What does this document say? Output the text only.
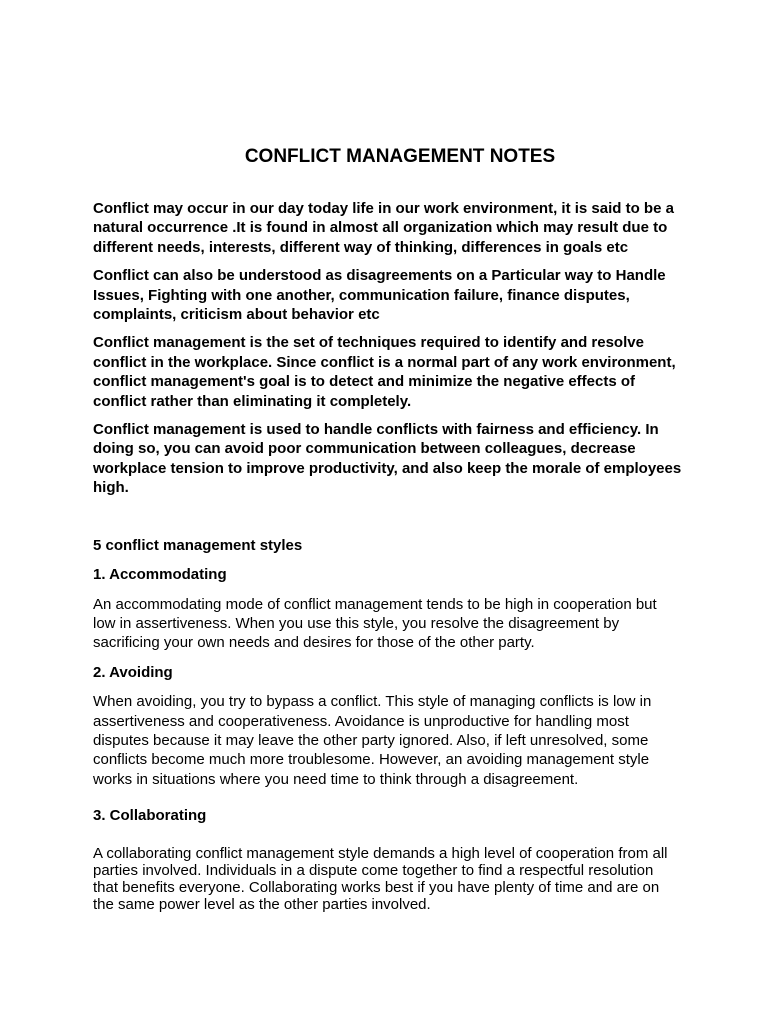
CONFLICT MANAGEMENT NOTES

Conflict may occur in our day today life in our work environment, it is said to be a natural occurrence .It is found in almost all organization which may result due to different needs, interests, different way of thinking, differences in goals etc

Conflict can also be understood as disagreements on a Particular way to Handle Issues, Fighting with one another, communication failure, finance disputes, complaints, criticism about behavior etc

Conflict management is the set of techniques required to identify and resolve conflict in the workplace. Since conflict is a normal part of any work environment, conflict management's goal is to detect and minimize the negative effects of conflict rather than eliminating it completely.

Conflict management is used to handle conflicts with fairness and efficiency. In doing so, you can avoid poor communication between colleagues, decrease workplace tension to improve productivity, and also keep the morale of employees high.

5 conflict management styles

1. Accommodating

An accommodating mode of conflict management tends to be high in cooperation but low in assertiveness. When you use this style, you resolve the disagreement by sacrificing your own needs and desires for those of the other party.

2. Avoiding

When avoiding, you try to bypass a conflict. This style of managing conflicts is low in assertiveness and cooperativeness. Avoidance is unproductive for handling most disputes because it may leave the other party ignored. Also, if left unresolved, some conflicts become much more troublesome. However, an avoiding management style works in situations where you need time to think through a disagreement.

3. Collaborating

A collaborating conflict management style demands a high level of cooperation from all parties involved. Individuals in a dispute come together to find a respectful resolution that benefits everyone. Collaborating works best if you have plenty of time and are on the same power level as the other parties involved.
